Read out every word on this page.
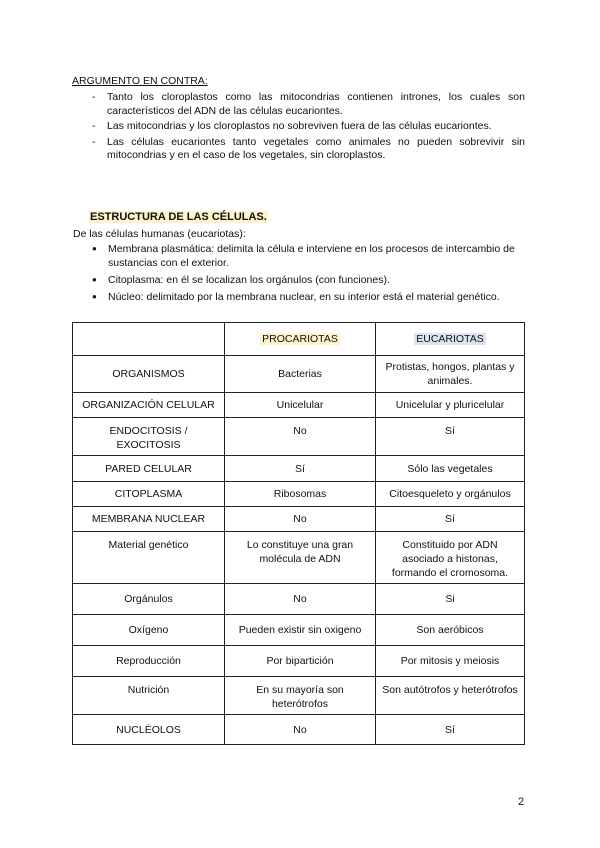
ARGUMENTO EN CONTRA:
- Tanto los cloroplastos como las mitocondrias contienen intrones, los cuales son característicos del ADN de las células eucariontes.
- Las mitocondrias y los cloroplastos no sobreviven fuera de las células eucariontes.
- Las células eucariontes tanto vegetales como animales no pueden sobrevivir sin mitocondrias y en el caso de los vegetales, sin cloroplastos.
ESTRUCTURA DE LAS CÉLULAS.
De las células humanas (eucariotas):
● Membrana plasmática: delimita la célula e interviene en los procesos de intercambio de sustancias con el exterior.
● Citoplasma: en él se localizan los orgánulos (con funciones).
● Núcleo: delimitado por la membrana nuclear, en su interior está el material genético.
	PROCARIOTAS	EUCARIOTAS
ORGANISMOS	Bacterias	Protistas, hongos, plantas y animales.
ORGANIZACIÓN CELULAR	Unicelular	Unicelular y pluricelular
ENDOCITOSIS / EXOCITOSIS	No	Sí
PARED CELULAR	Sí	Sólo las vegetales
CITOPLASMA	Ribosomas	Citoesqueleto y orgánulos
MEMBRANA NUCLEAR	No	Sí
Material genético	Lo constituye una gran molécula de ADN	Constituido por ADN asociado a histonas, formando el cromosoma.
Orgánulos	No	Si
Oxígeno	Pueden existir sin oxigeno	Son aeróbicos
Reproducción	Por bipartición	Por mitosis y meiosis
Nutrición	En su mayoría son heterótrofos	Son autótrofos y heterótrofos
NUCLÉOLOS	No	Sí
2
